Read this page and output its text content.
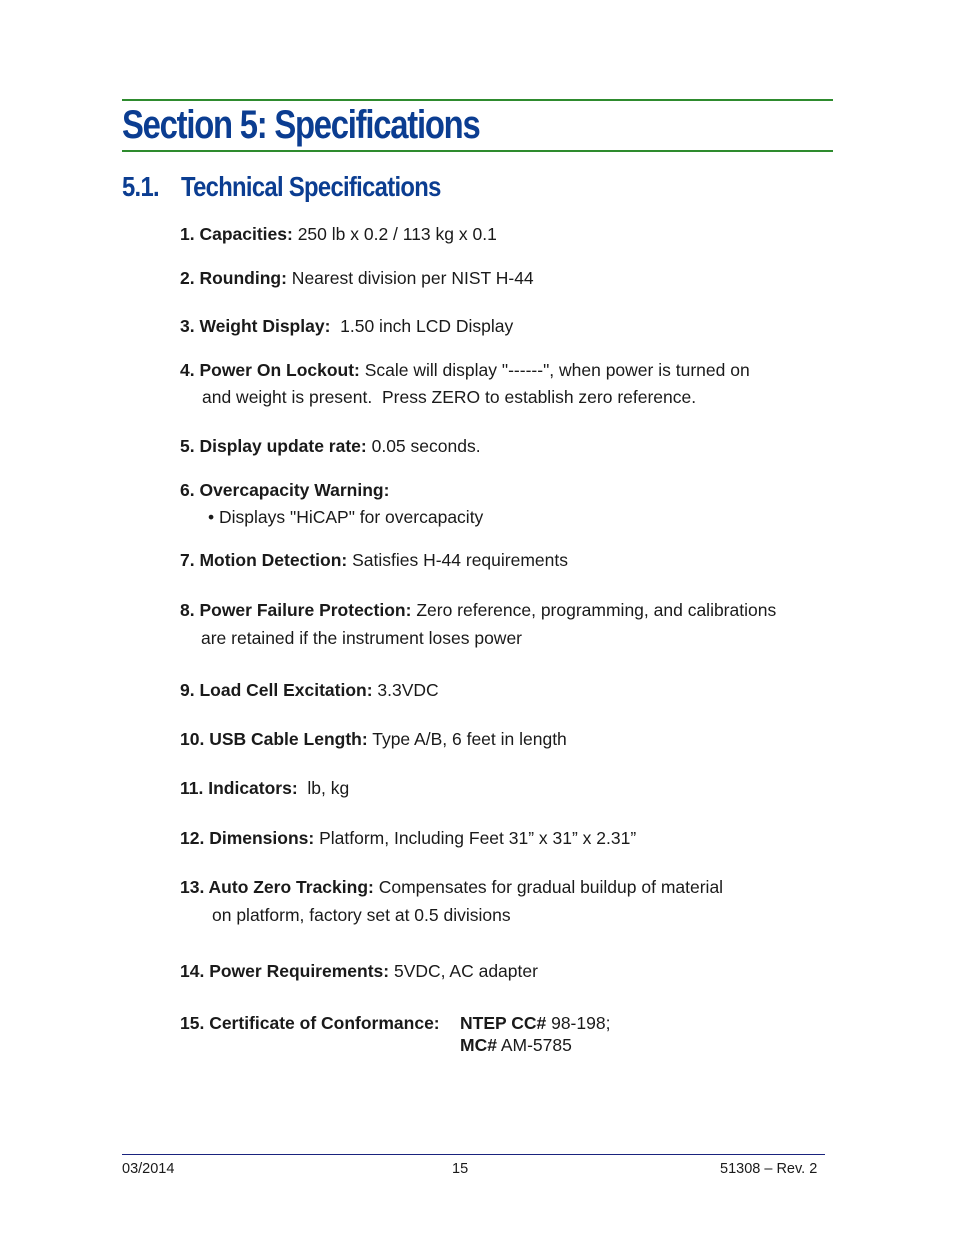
Section 5: Specifications
5.1. Technical Specifications
1. Capacities: 250 lb x 0.2 / 113 kg x 0.1
2. Rounding: Nearest division per NIST H-44
3. Weight Display:  1.50 inch LCD Display
4. Power On Lockout: Scale will display "------", when power is turned on
and weight is present.  Press ZERO to establish zero reference.
5. Display update rate: 0.05 seconds.
6. Overcapacity Warning:
• Displays "HiCAP" for overcapacity
7. Motion Detection: Satisfies H-44 requirements
8. Power Failure Protection: Zero reference, programming, and calibrations
are retained if the instrument loses power
9. Load Cell Excitation: 3.3VDC
10. USB Cable Length: Type A/B, 6 feet in length
11. Indicators:  lb, kg
12. Dimensions: Platform, Including Feet 31” x 31” x 2.31”
13. Auto Zero Tracking: Compensates for gradual buildup of material
on platform, factory set at 0.5 divisions
14. Power Requirements: 5VDC, AC adapter
15. Certificate of Conformance: NTEP CC# 98-198;
MC# AM-5785
03/2014	15	51308 – Rev. 2
